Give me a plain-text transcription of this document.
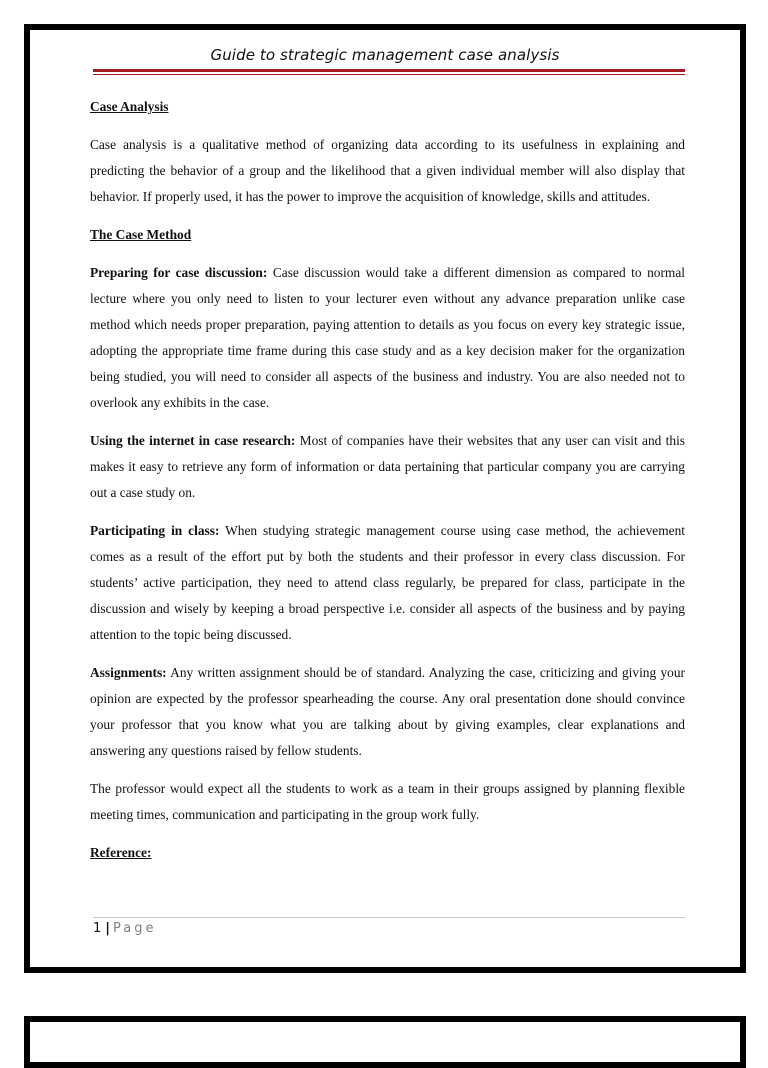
Guide to strategic management case analysis

Case Analysis

Case analysis is a qualitative method of organizing data according to its usefulness in explaining and predicting the behavior of a group and the likelihood that a given individual member will also display that behavior. If properly used, it has the power to improve the acquisition of knowledge, skills and attitudes.

The Case Method

Preparing for case discussion: Case discussion would take a different dimension as compared to normal lecture where you only need to listen to your lecturer even without any advance preparation unlike case method which needs proper preparation, paying attention to details as you focus on every key strategic issue, adopting the appropriate time frame during this case study and as a key decision maker for the organization being studied, you will need to consider all aspects of the business and industry. You are also needed not to overlook any exhibits in the case.

Using the internet in case research: Most of companies have their websites that any user can visit and this makes it easy to retrieve any form of information or data pertaining that particular company you are carrying out a case study on.

Participating in class: When studying strategic management course using case method, the achievement comes as a result of the effort put by both the students and their professor in every class discussion. For students’ active participation, they need to attend class regularly, be prepared for class, participate in the discussion and wisely by keeping a broad perspective i.e. consider all aspects of the business and by paying attention to the topic being discussed.

Assignments: Any written assignment should be of standard. Analyzing the case, criticizing and giving your opinion are expected by the professor spearheading the course. Any oral presentation done should convince your professor that you know what you are talking about by giving examples, clear explanations and answering any questions raised by fellow students.

The professor would expect all the students to work as a team in their groups assigned by planning flexible meeting times, communication and participating in the group work fully.

Reference:

1 | Page
